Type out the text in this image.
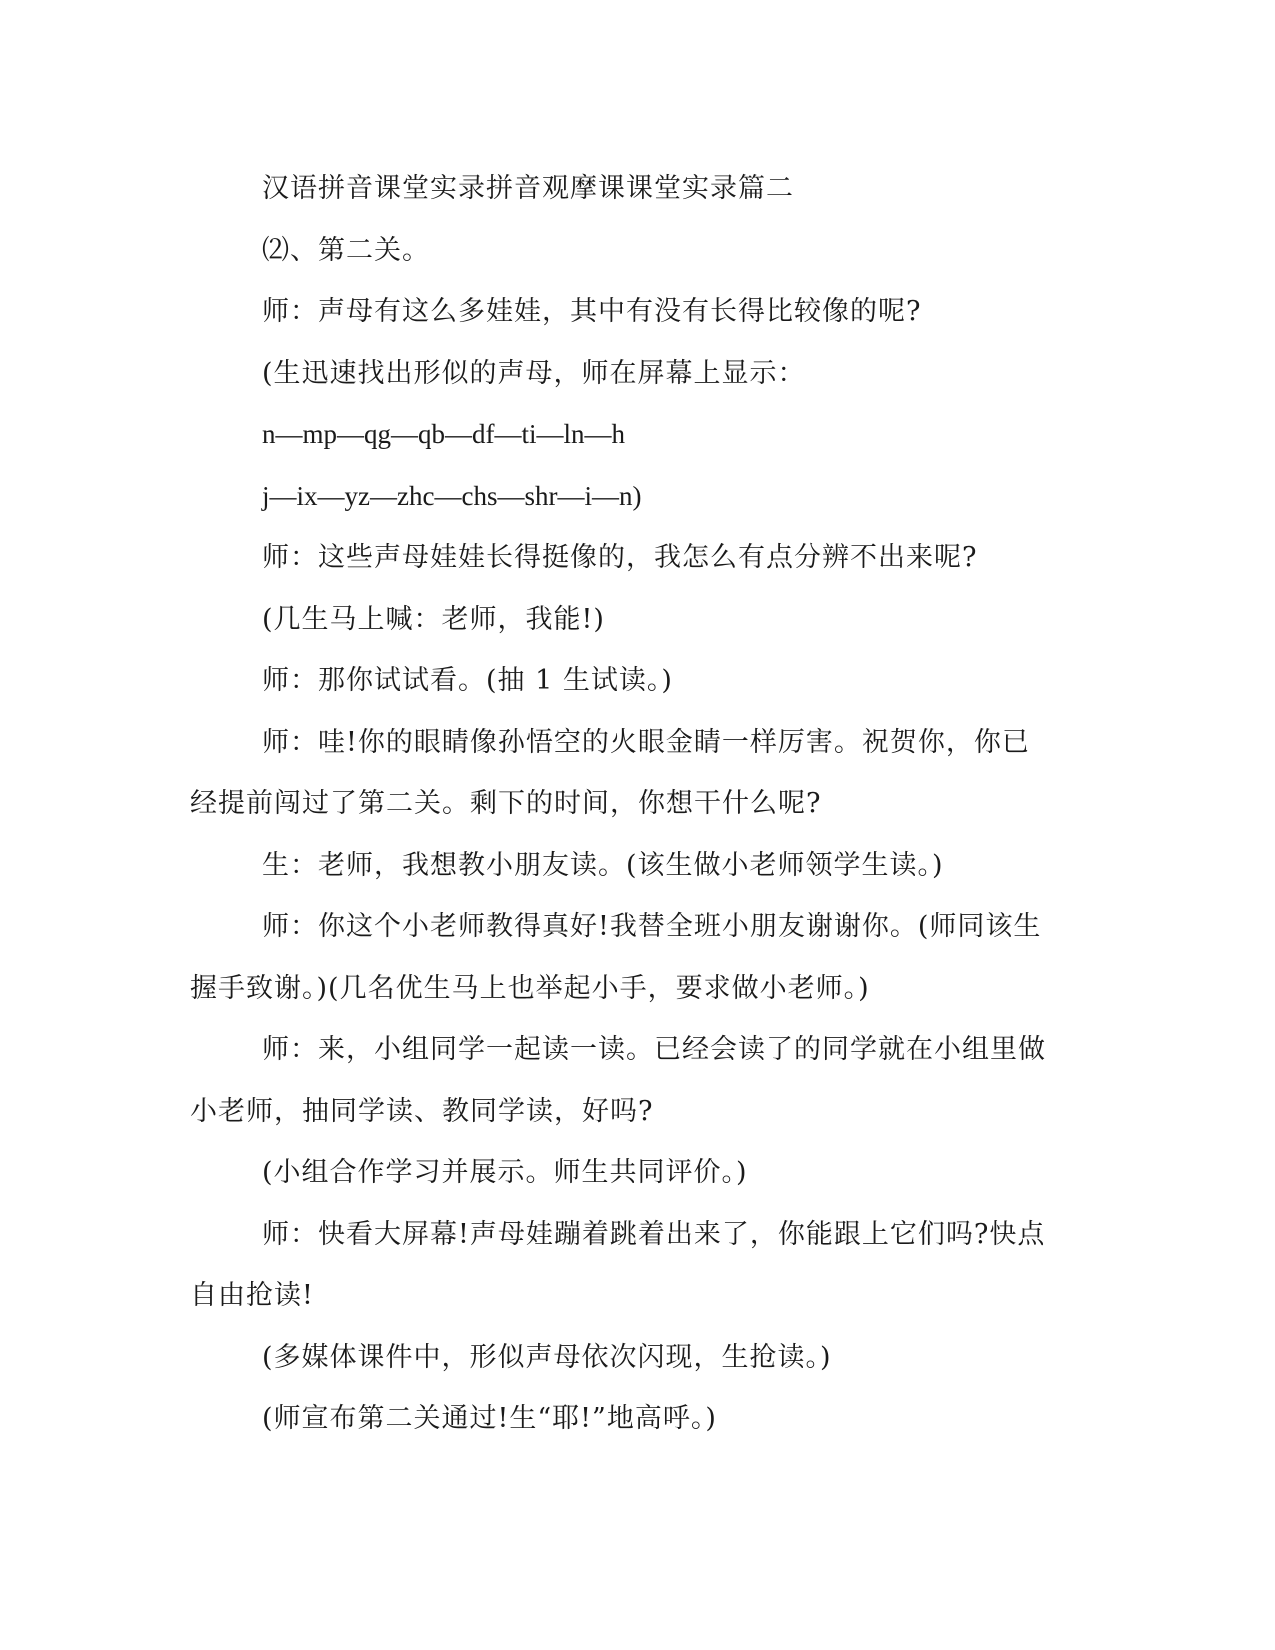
汉语拼音课堂实录拼音观摩课课堂实录篇二
⑵、第二关。
师：声母有这么多娃娃，其中有没有长得比较像的呢?
(生迅速找出形似的声母，师在屏幕上显示：
n—mp—qg—qb—df—ti—ln—h
j—ix—yz—zhc—chs—shr—i—n)
师：这些声母娃娃长得挺像的，我怎么有点分辨不出来呢?
(几生马上喊：老师，我能!)
师：那你试试看。(抽 1 生试读。)
师：哇!你的眼睛像孙悟空的火眼金睛一样厉害。祝贺你，你已
经提前闯过了第二关。剩下的时间，你想干什么呢?
生：老师，我想教小朋友读。(该生做小老师领学生读。)
师：你这个小老师教得真好!我替全班小朋友谢谢你。(师同该生
握手致谢。)(几名优生马上也举起小手，要求做小老师。)
师：来，小组同学一起读一读。已经会读了的同学就在小组里做
小老师，抽同学读、教同学读，好吗?
(小组合作学习并展示。师生共同评价。)
师：快看大屏幕!声母娃蹦着跳着出来了，你能跟上它们吗?快点
自由抢读!
(多媒体课件中，形似声母依次闪现，生抢读。)
(师宣布第二关通过!生“耶!”地高呼。)
